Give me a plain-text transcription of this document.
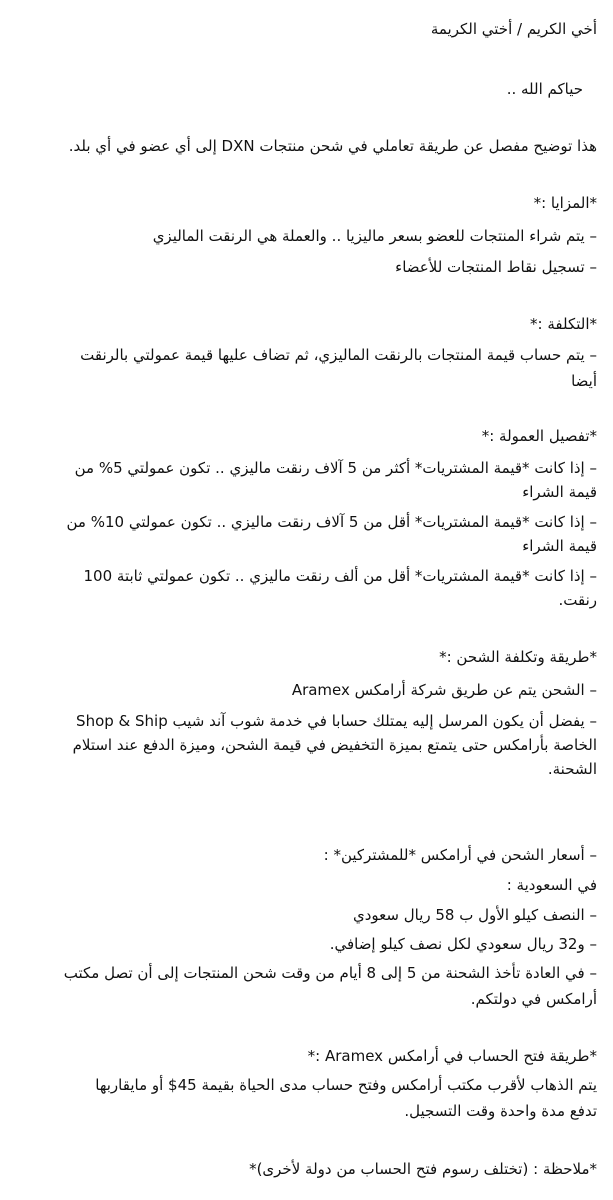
أخي الكريم / أختي الكريمة

حياكم الله ..

هذا توضيح مفصل عن طريقة تعاملي في شحن منتجات DXN إلى أي عضو في أي بلد.

*المزايا :*

– يتم شراء المنتجات للعضو بسعر ماليزيا .. والعملة هي الرنقت الماليزي

– تسجيل نقاط المنتجات للأعضاء

*التكلفة :*

– يتم حساب قيمة المنتجات بالرنقت الماليزي، ثم تضاف عليها قيمة عمولتي بالرنقت

أيضا

*تفصيل العمولة :*

– إذا كانت *قيمة المشتريات* أكثر من 5 آلاف رنقت ماليزي .. تكون عمولتي 5% من

قيمة الشراء

– إذا كانت *قيمة المشتريات* أقل من 5 آلاف رنقت ماليزي .. تكون عمولتي 10% من

قيمة الشراء

– إذا كانت *قيمة المشتريات* أقل من ألف رنقت ماليزي .. تكون عمولتي ثابتة 100

رنقت.

*طريقة وتكلفة الشحن :*

– الشحن يتم عن طريق شركة أرامكس Aramex

– يفضل أن يكون المرسل إليه يمتلك حسابا في خدمة شوب آند شيب Shop & Ship

الخاصة بأرامكس حتى يتمتع بميزة التخفيض في قيمة الشحن، وميزة الدفع عند استلام

الشحنة.

– أسعار الشحن في أرامكس *للمشتركين* :

في السعودية :

– النصف كيلو الأول ب 58 ريال سعودي

– و32 ريال سعودي لكل نصف كيلو إضافي.

– في العادة تأخذ الشحنة من 5 إلى 8 أيام من وقت شحن المنتجات إلى أن تصل مكتب

أرامكس في دولتكم.

*طريقة فتح الحساب في أرامكس Aramex :*

يتم الذهاب لأقرب مكتب أرامكس وفتح حساب مدى الحياة بقيمة 45$ أو مايقاربها

تدفع مدة واحدة وقت التسجيل.

*ملاحظة : (تختلف رسوم فتح الحساب من دولة لأخرى)*
